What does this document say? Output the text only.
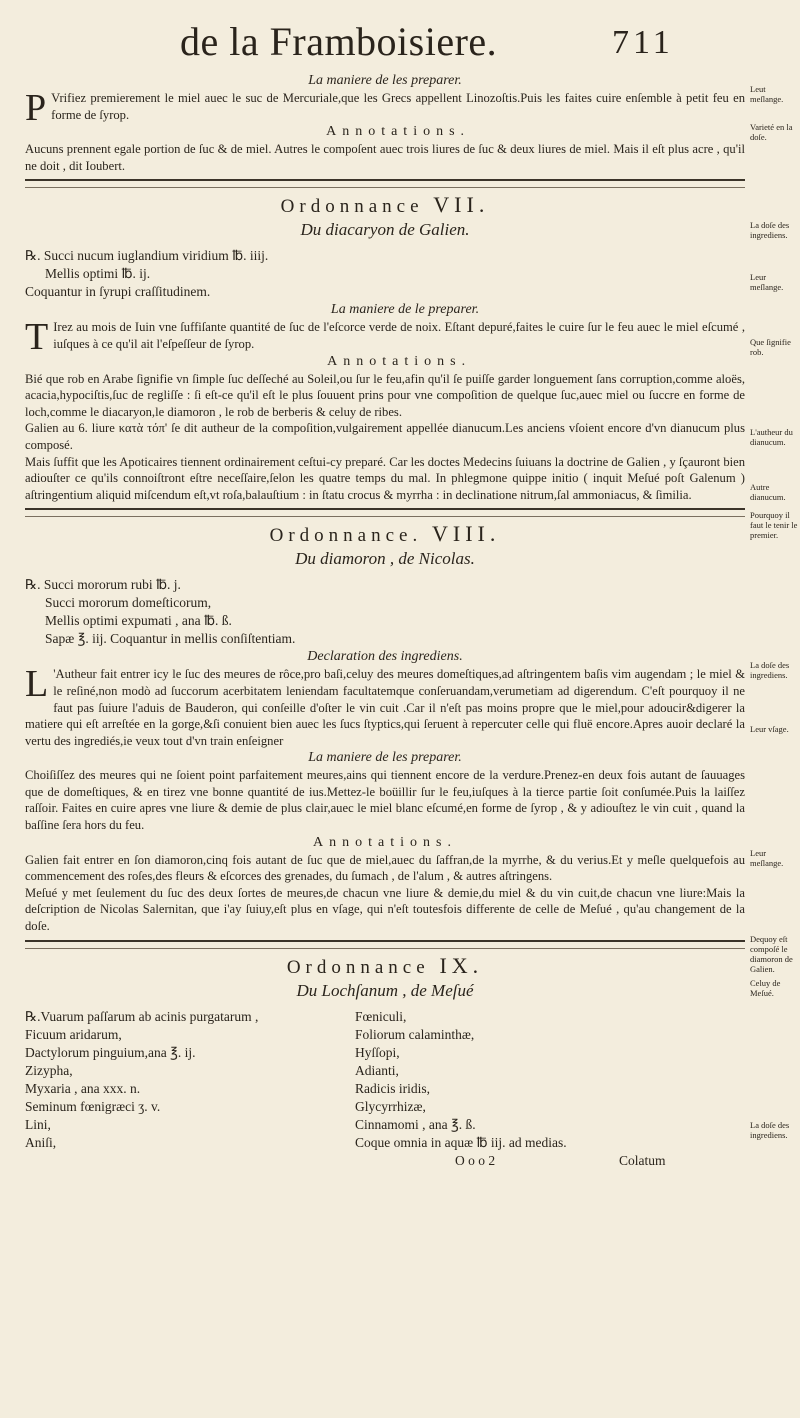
de la Framboisiere.	711
La maniere de les preparer.
P Vrifiez premierement le miel auec le suc de Mercuriale,que les Grecs appellent Linozoſtis.Puis les faites cuire enſemble à petit feu en forme de ſyrop.
Annotations.
Aucuns prennent egale portion de ſuc & de miel. Autres le compoſent auec trois liures de ſuc & deux liures de miel. Mais il eſt plus acre , qu'il ne doit , dit Ioubert.
Ordonnance VII.
Du diacaryon de Galien.
℞. Succi nucum iuglandium viridium ℔. iiij.
Mellis optimi ℔. ij.
Coquantur in ſyrupi craſſitudinem.
La maniere de le preparer.
T Irez au mois de Iuin vne ſuffiſante quantité de ſuc de l'eſcorce verde de noix. Eſtant depuré,faites le cuire ſur le feu auec le miel eſcumé , iuſques à ce qu'il ait l'eſpeſſeur de ſyrop.
Annotations.
Bié que rob en Arabe ſignifie vn ſimple ſuc deſſeché au Soleil,ou ſur le feu,afin qu'il ſe puiſſe garder longuement ſans corruption,comme aloës, acacia,hypociſtis,ſuc de regliſſe : ſi eſt-ce qu'il eſt le plus ſouuent prins pour vne compoſition de quelque ſuc,auec miel ou ſuccre en forme de loch,comme le diacaryon,le diamoron , le rob de berberis & celuy de ribes.
Galien au 6. liure κατὰ τόπ' ſe dit autheur de la compoſition,vulgairement appellée dianucum.Les anciens vſoient encore d'vn dianucum plus composé.
Mais ſuffit que les Apoticaires tiennent ordinairement ceſtui-cy preparé. Car les doctes Medecins ſuiuans la doctrine de Galien , y ſçauront bien adiouſter ce qu'ils connoiſtront eſtre neceſſaire,ſelon les quatre temps du mal. In phlegmone quippe initio ( inquit Meſué poſt Galenum ) aſtringentium aliquid miſcendum eſt,vt roſa,balauſtium : in ſtatu crocus & myrrha : in declinatione nitrum,ſal ammoniacus, & ſimilia.
Ordonnance. VIII.
Du diamoron , de Nicolas.
℞. Succi mororum rubi ℔. j.
Succi mororum domeſticorum,
Mellis optimi expumati , ana ℔. ß.
Sapæ ℥. iij. Coquantur in mellis conſiſtentiam.
Declaration des ingrediens.
L 'Autheur fait entrer icy le ſuc des meures de rôce,pro baſi,celuy des meures domeſtiques,ad aſtringentem baſis vim augendam ; le miel & le reſiné,non modò ad ſuccorum acerbitatem leniendam facultatemque conſeruandam,verumetiam ad digerendum. C'eſt pourquoy il ne faut pas ſuiure l'aduis de Bauderon, qui conſeille d'oſter le vin cuit .Car il n'eſt pas moins propre que le miel,pour adoucir&digerer la matiere qui eſt arreſtée en la gorge,&ſi conuient bien auec les ſucs ſtyptics,qui ſeruent à repercuter celle qui fluë encore.Apres auoir declaré la vertu des ingrediés,ie veux tout d'vn train enſeigner
La maniere de les preparer.
Choiſiſſez des meures qui ne ſoient point parfaitement meures,ains qui tiennent encore de la verdure.Prenez-en deux fois autant de ſauuages que de domeſtiques, & en tirez vne bonne quantité de ius.Mettez-le boüillir ſur le feu,iuſques à la tierce partie ſoit conſumée.Puis la laiſſez raſſoir. Faites en cuire apres vne liure & demie de plus clair,auec le miel blanc eſcumé,en forme de ſyrop , & y adiouſtez le vin cuit , quand la baſſine ſera hors du feu.
Annotations.
Galien fait entrer en ſon diamoron,cinq fois autant de ſuc que de miel,auec du ſaffran,de la myrrhe, & du verius.Et y meſle quelquefois au commencement des roſes,des fleurs & eſcorces des grenades, du ſumach , de l'alum , & autres aſtringens.
Meſué y met ſeulement du ſuc des deux ſortes de meures,de chacun vne liure & demie,du miel & du vin cuit,de chacun vne liure:Mais la deſcription de Nicolas Salernitan, que i'ay ſuiuy,eſt plus en vſage, qui n'eſt toutesfois differente de celle de Meſué , qu'au changement de la doſe.
Ordonnance IX.
Du Lochſanum , de Meſué
℞.Vuarum paſſarum ab acinis purgatarum ,
Ficuum aridarum,
Dactylorum pinguium,ana ℥. ij.
Zizypha,
Myxaria , ana xxx. n.
Seminum fœnigræci ʒ. v.
Lini,
Aniſi,
Fœniculi,
Foliorum calaminthæ,
Hyſſopi,
Adianti,
Radicis iridis,
Glycyrrhizæ,
Cinnamomi , ana ℥. ß.
Coque omnia in aquæ ℔ iij. ad medias.
O o o 2	Colatum
Leut meſlange.
Varieté en la doſe.
La doſe des ingrediens.
Leur meſlange.
Que ſignifie rob.
L'autheur du dianucum.
Autre dianucum.
Pourquoy il faut le tenir le premier.
La doſe des ingrediens.
Leur vſage.
Leur meſlange.
Dequoy eſt compoſé le diamoron de Galien.
Celuy de Meſué.
La doſe des ingrediens.
